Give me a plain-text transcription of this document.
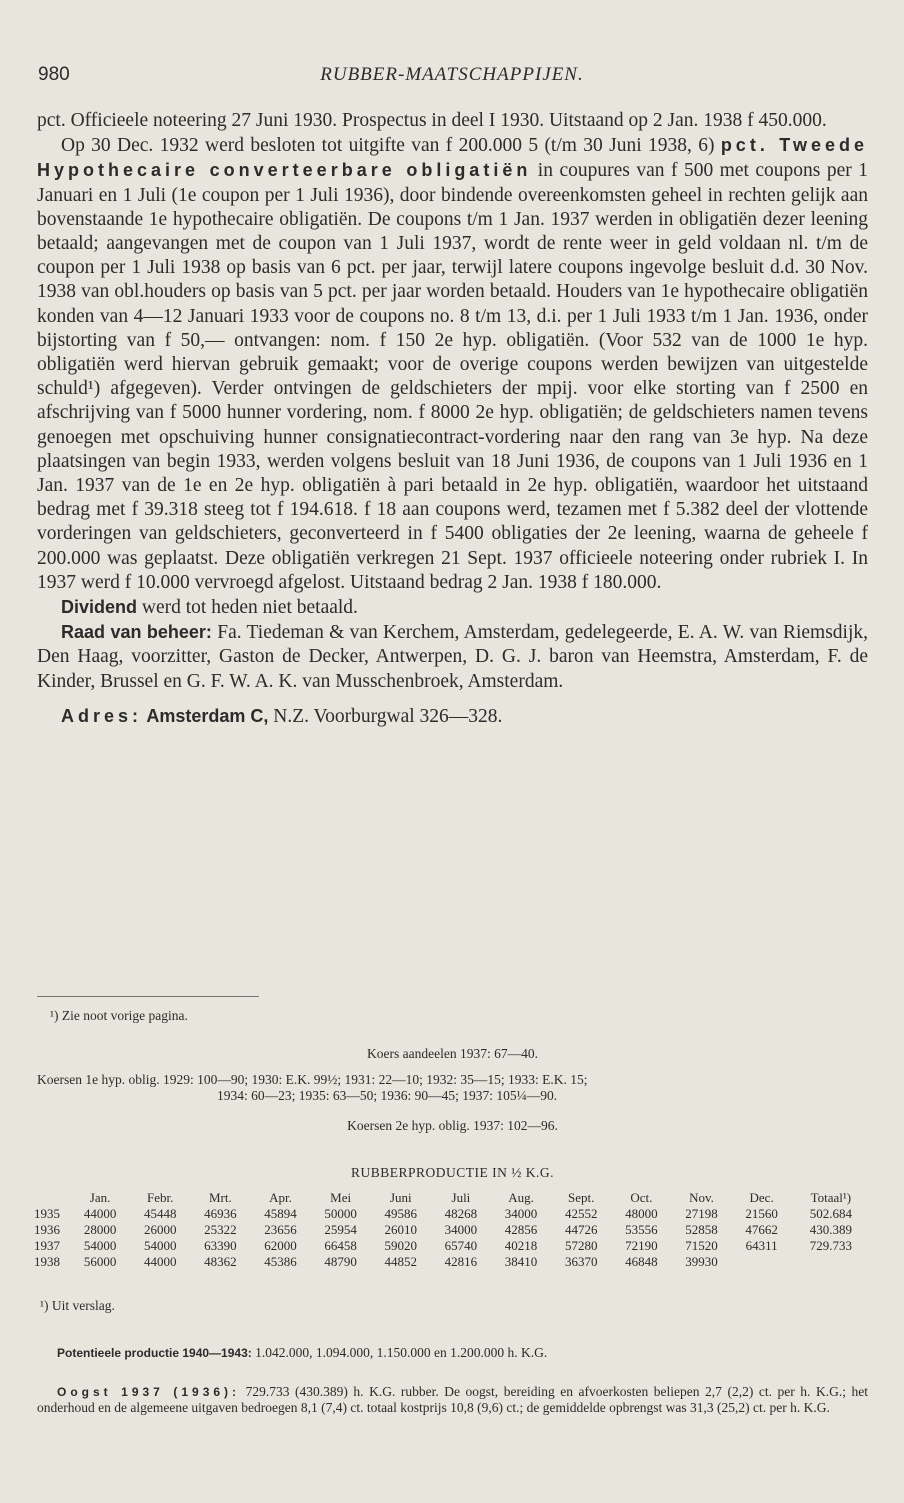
980	RUBBER-MAATSCHAPPIJEN.

pct. Officieele noteering 27 Juni 1930. Prospectus in deel I 1930. Uitstaand op 2 Jan. 1938 f 450.000.

Op 30 Dec. 1932 werd besloten tot uitgifte van f 200.000 5 (t/m 30 Juni 1938, 6) pct. Tweede Hypothecaire converteerbare obligatiën in coupures van f 500 met coupons per 1 Januari en 1 Juli (1e coupon per 1 Juli 1936), door bindende overeenkomsten geheel in rechten gelijk aan bovenstaande 1e hypothecaire obligatiën. De coupons t/m 1 Jan. 1937 werden in obligatiën dezer leening betaald; aangevangen met de coupon van 1 Juli 1937, wordt de rente weer in geld voldaan nl. t/m de coupon per 1 Juli 1938 op basis van 6 pct. per jaar, terwijl latere coupons ingevolge besluit d.d. 30 Nov. 1938 van obl.houders op basis van 5 pct. per jaar worden betaald. Houders van 1e hypothecaire obligatiën konden van 4—12 Januari 1933 voor de coupons no. 8 t/m 13, d.i. per 1 Juli 1933 t/m 1 Jan. 1936, onder bijstorting van f 50,— ontvangen: nom. f 150 2e hyp. obligatiën. (Voor 532 van de 1000 1e hyp. obligatiën werd hiervan gebruik gemaakt; voor de overige coupons werden bewijzen van uitgestelde schuld¹) afgegeven). Verder ontvingen de geldschieters der mpij. voor elke storting van f 2500 en afschrijving van f 5000 hunner vordering, nom. f 8000 2e hyp. obligatiën; de geldschieters namen tevens genoegen met opschuiving hunner consignatiecontract-vordering naar den rang van 3e hyp. Na deze plaatsingen van begin 1933, werden volgens besluit van 18 Juni 1936, de coupons van 1 Juli 1936 en 1 Jan. 1937 van de 1e en 2e hyp. obligatiën à pari betaald in 2e hyp. obligatiën, waardoor het uitstaand bedrag met f 39.318 steeg tot f 194.618. f 18 aan coupons werd, tezamen met f 5.382 deel der vlottende vorderingen van geldschieters, geconverteerd in f 5400 obligaties der 2e leening, waarna de geheele f 200.000 was geplaatst. Deze obligatiën verkregen 21 Sept. 1937 officieele noteering onder rubriek I. In 1937 werd f 10.000 vervroegd afgelost. Uitstaand bedrag 2 Jan. 1938 f 180.000.

Dividend werd tot heden niet betaald.

Raad van beheer: Fa. Tiedeman & van Kerchem, Amsterdam, gedelegeerde, E. A. W. van Riemsdijk, Den Haag, voorzitter, Gaston de Decker, Antwerpen, D. G. J. baron van Heemstra, Amsterdam, F. de Kinder, Brussel en G. F. W. A. K. van Musschenbroek, Amsterdam.

Adres: Amsterdam C, N.Z. Voorburgwal 326—328.

¹) Zie noot vorige pagina.
Koers aandeelen 1937: 67—40.
Koersen 1e hyp. oblig. 1929: 100—90; 1930: E.K. 99½; 1931: 22—10; 1932: 35—15; 1933: E.K. 15;
1934: 60—23; 1935: 63—50; 1936: 90—45; 1937: 105¼—90.
Koersen 2e hyp. oblig. 1937: 102—96.
RUBBERPRODUCTIE IN ½ K.G.
	Jan.	Febr.	Mrt.	Apr.	Mei	Juni	Juli	Aug.	Sept.	Oct.	Nov.	Dec.	Totaal¹)
1935	44000	45448	46936	45894	50000	49586	48268	34000	42552	48000	27198	21560	502.684
1936	28000	26000	25322	23656	25954	26010	34000	42856	44726	53556	52858	47662	430.389
1937	54000	54000	63390	62000	66458	59020	65740	40218	57280	72190	71520	64311	729.733
1938	56000	44000	48362	45386	48790	44852	42816	38410	36370	46848	39930		
¹) Uit verslag.
Potentieele productie 1940—1943: 1.042.000, 1.094.000, 1.150.000 en 1.200.000 h. K.G.
Oogst 1937 (1936): 729.733 (430.389) h. K.G. rubber. De oogst, bereiding en afvoerkosten beliepen 2,7 (2,2) ct. per h. K.G.; het onderhoud en de algemeene uitgaven bedroegen 8,1 (7,4) ct. totaal kostprijs 10,8 (9,6) ct.; de gemiddelde opbrengst was 31,3 (25,2) ct. per h. K.G.
